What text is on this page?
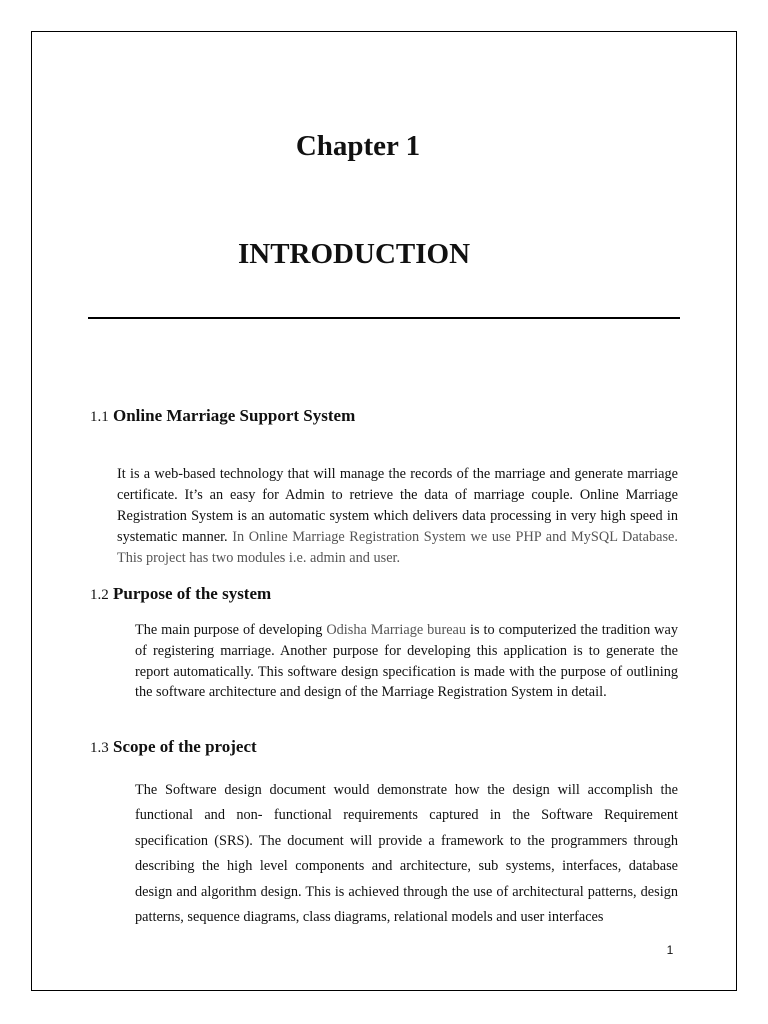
Chapter 1
INTRODUCTION
1.1 Online Marriage Support System
It is a web-based technology that will manage the records of the marriage and generate marriage certificate. It’s an easy for Admin to retrieve the data of marriage couple. Online Marriage Registration System is an automatic system which delivers data processing in very high speed in systematic manner. In Online Marriage Registration System we use PHP and MySQL Database. This project has two modules i.e. admin and user.
1.2 Purpose of the system
The main purpose of developing Odisha Marriage bureau is to computerized the tradition way of registering marriage. Another purpose for developing this application is to generate the report automatically. This software design specification is made with the purpose of outlining the software architecture and design of the Marriage Registration System in detail.
1.3 Scope of the project
The Software design document would demonstrate how the design will accomplish the functional and non- functional requirements captured in the Software Requirement specification (SRS). The document will provide a framework to the programmers through describing the high level components and architecture, sub systems, interfaces, database design and algorithm design. This is achieved through the use of architectural patterns, design patterns, sequence diagrams, class diagrams, relational models and user interfaces
1
